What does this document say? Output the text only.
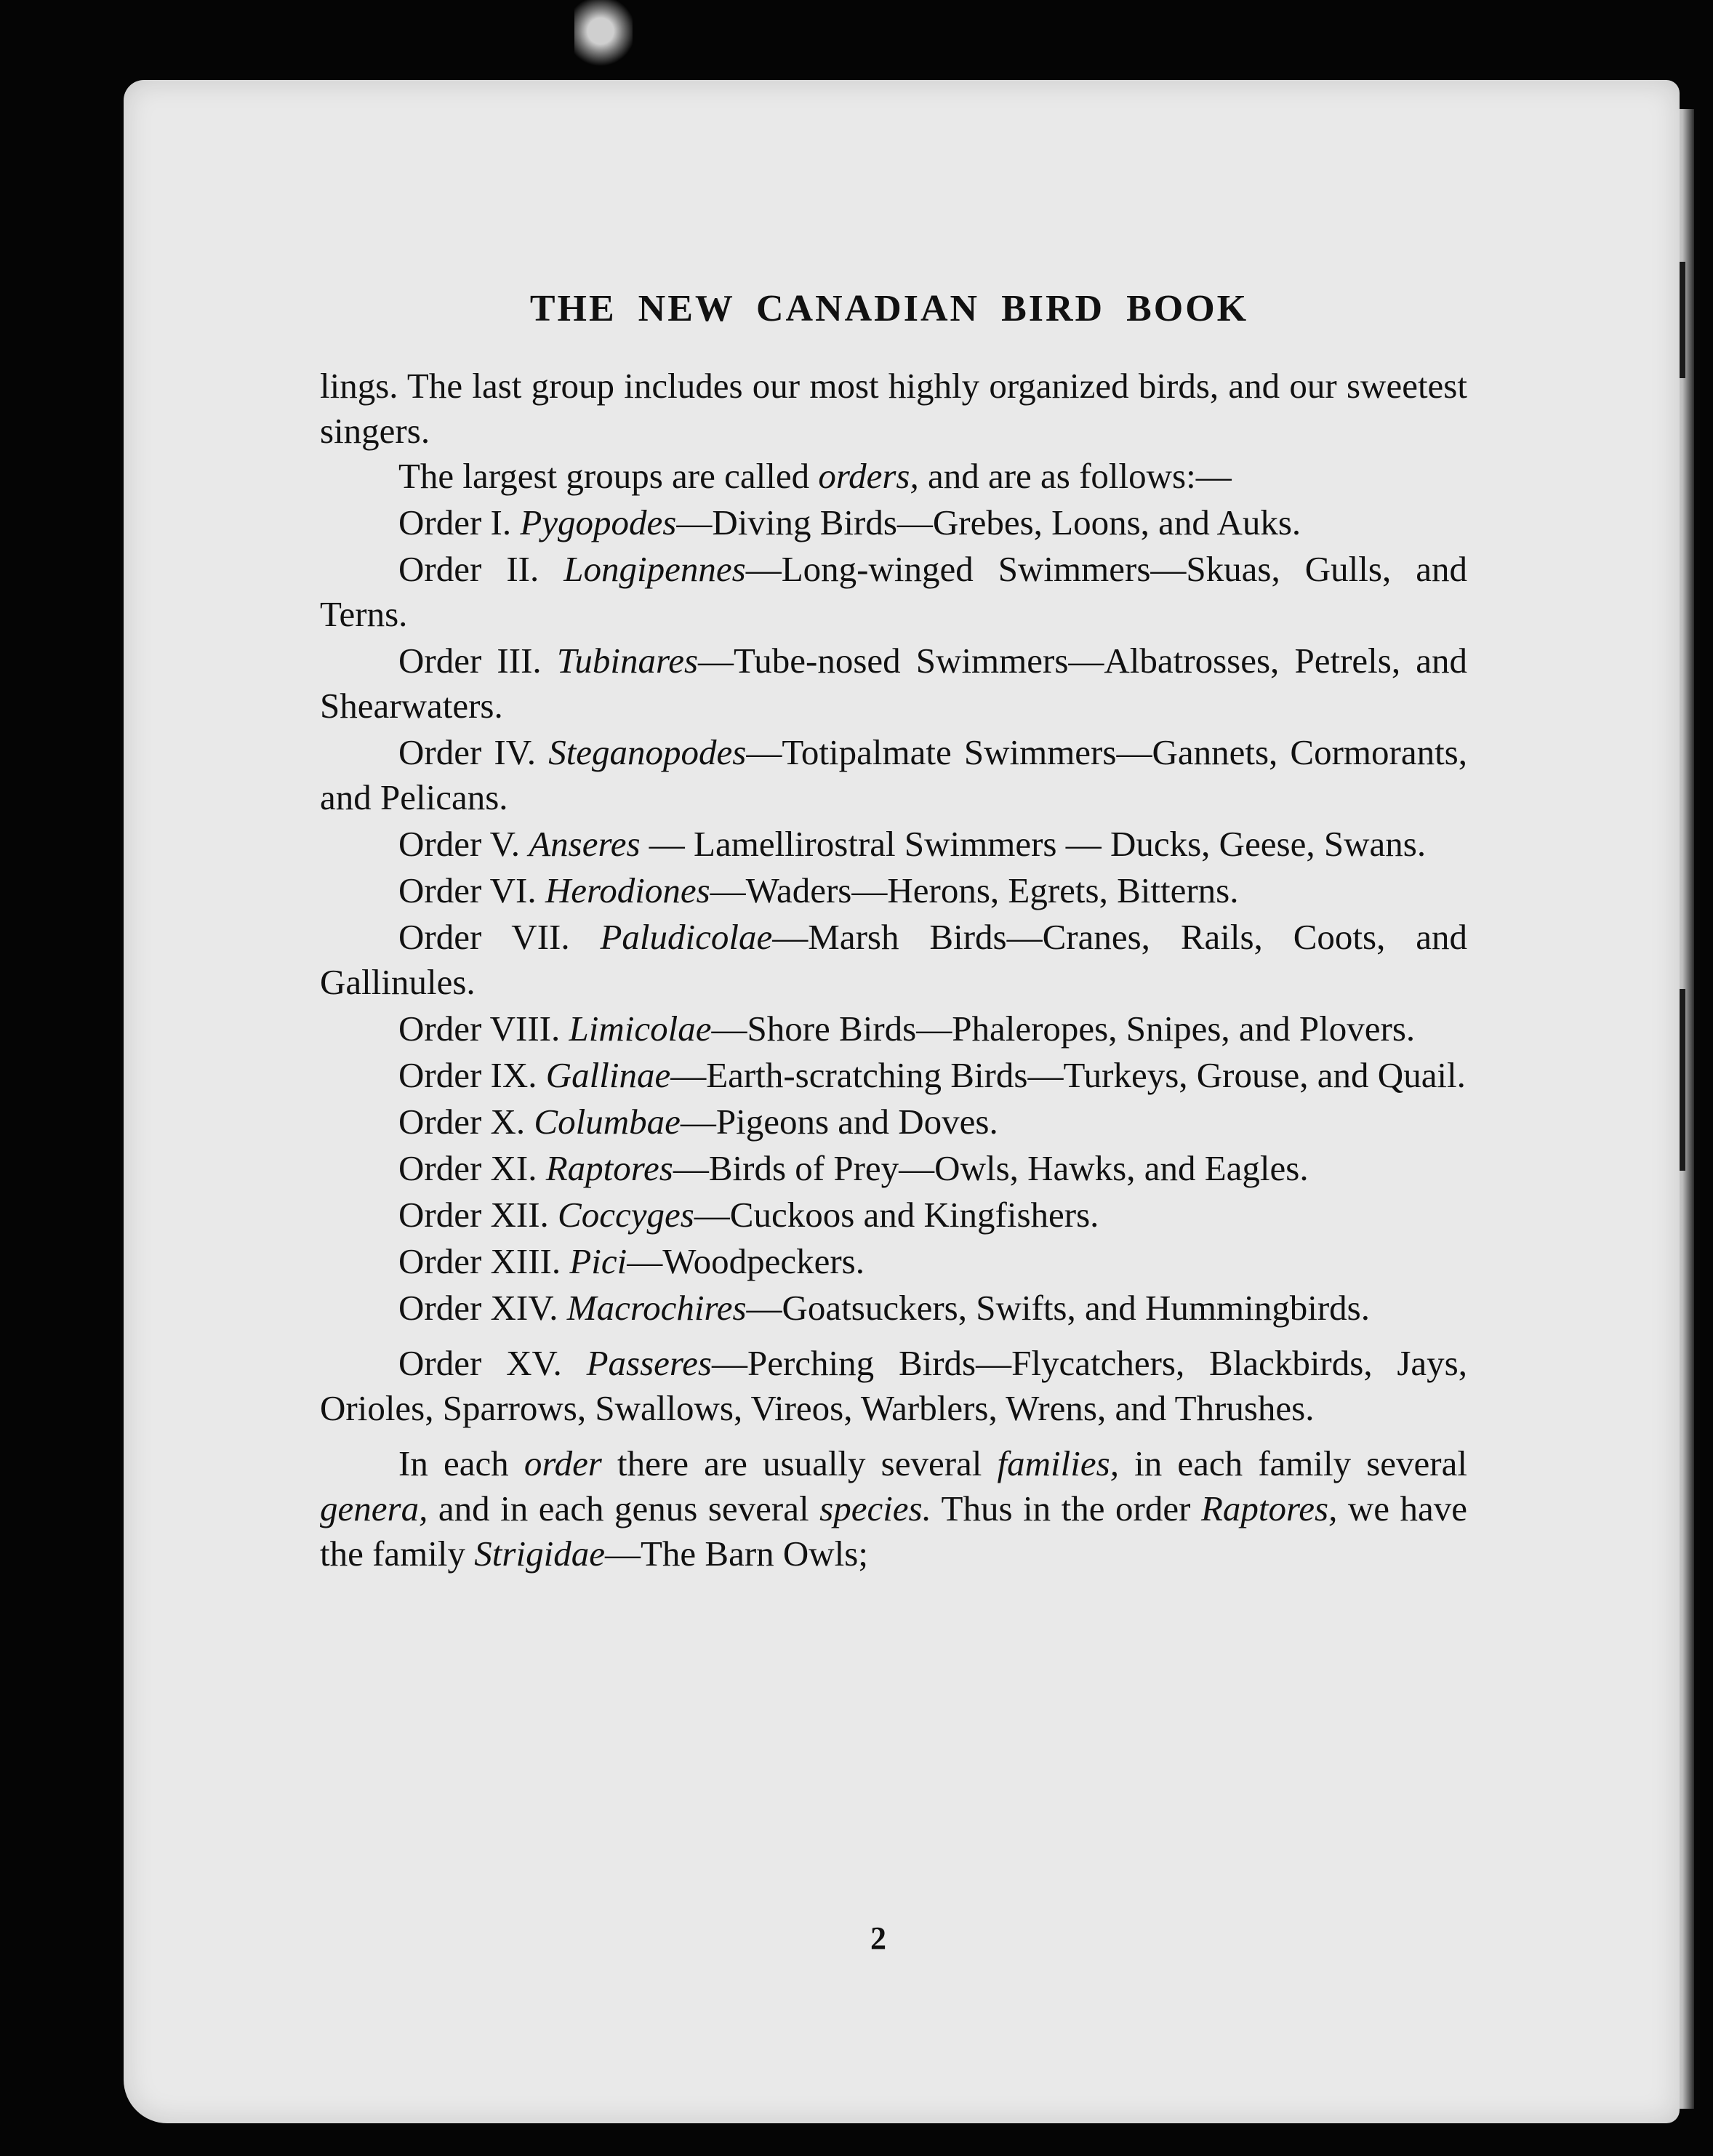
THE NEW CANADIAN BIRD BOOK

lings. The last group includes our most highly organized birds, and our sweetest singers.

The largest groups are called orders, and are as follows:—

Order I. Pygopodes—Diving Birds—Grebes, Loons, and Auks.

Order II. Longipennes—Long-winged Swimmers—Skuas, Gulls, and Terns.

Order III. Tubinares—Tube-nosed Swimmers—Albatrosses, Petrels, and Shearwaters.

Order IV. Steganopodes—Totipalmate Swimmers—Gannets, Cormorants, and Pelicans.

Order V. Anseres — Lamellirostral Swimmers — Ducks, Geese, Swans.

Order VI. Herodiones—Waders—Herons, Egrets, Bitterns.

Order VII. Paludicolae—Marsh Birds—Cranes, Rails, Coots, and Gallinules.

Order VIII. Limicolae—Shore Birds—Phaleropes, Snipes, and Plovers.

Order IX. Gallinae—Earth-scratching Birds—Turkeys, Grouse, and Quail.

Order X. Columbae—Pigeons and Doves.

Order XI. Raptores—Birds of Prey—Owls, Hawks, and Eagles.

Order XII. Coccyges—Cuckoos and Kingfishers.

Order XIII. Pici—Woodpeckers.

Order XIV. Macrochires—Goatsuckers, Swifts, and Hummingbirds.

Order XV. Passeres—Perching Birds—Flycatchers, Blackbirds, Jays, Orioles, Sparrows, Swallows, Vireos, Warblers, Wrens, and Thrushes.

In each order there are usually several families, in each family several genera, and in each genus several species. Thus in the order Raptores, we have the family Strigidae—The Barn Owls;

2
